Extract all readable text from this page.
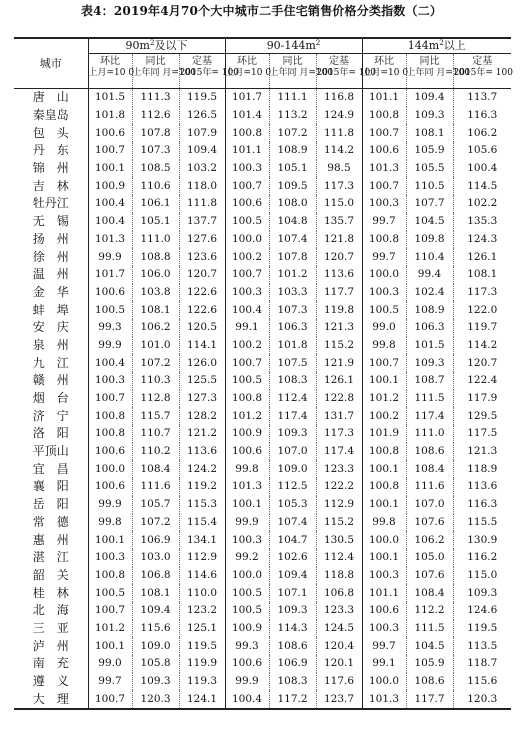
表4：2019年4月70个大中城市二手住宅销售价格分类指数（二）
城市	$90m^2$及以下			$90-144m^2$			$144m^2$以上		
	环比	同比	定基	环比	同比	定基	环比	同比	定基
	上月=10 0	上年同 月=100	2015年= 100	上月=10 0	上年同 月=100	2015年= 100	上月=10 0	上年同 月=100	2015年= 100
唐　山	101.5	111.3	119.5	101.7	111.1	116.8	101.1	109.4	113.7
秦皇岛	101.8	112.6	126.5	101.4	113.2	124.9	100.8	109.3	116.3
包　头	100.6	107.8	107.9	100.8	107.2	111.8	100.7	108.1	106.2
丹　东	100.7	107.3	109.4	101.1	108.9	114.2	100.6	105.9	105.6
锦　州	100.1	108.5	103.2	100.3	105.1	98.5	101.3	105.5	100.4
吉　林	100.9	110.6	118.0	100.7	109.5	117.3	100.7	110.5	114.5
牡丹江	100.4	106.1	111.8	100.6	108.0	115.0	100.3	107.7	102.2
无　锡	100.4	105.1	137.7	100.5	104.8	135.7	99.7	104.5	135.3
扬　州	101.3	111.0	127.6	100.0	107.4	121.8	100.8	109.8	124.3
徐　州	99.9	108.8	123.6	100.2	107.8	120.7	99.7	110.4	126.1
温　州	101.7	106.0	120.7	100.7	101.2	113.6	100.0	99.4	108.1
金　华	100.6	103.8	122.6	100.3	103.3	117.7	100.3	102.4	117.3
蚌　埠	100.5	108.1	122.6	100.4	107.3	119.8	100.5	108.9	122.0
安　庆	99.3	106.2	120.5	99.1	106.3	121.3	99.0	106.3	119.7
泉　州	99.9	101.0	114.1	100.2	101.8	115.2	99.8	101.5	114.2
九　江	100.4	107.2	126.0	100.7	107.5	121.9	100.7	109.3	120.7
赣　州	100.3	110.3	125.5	100.5	108.3	126.1	100.1	108.7	122.4
烟　台	100.7	112.8	127.3	100.8	112.4	122.8	101.2	111.5	117.9
济　宁	100.8	115.7	128.2	101.2	117.4	131.7	100.2	117.4	129.5
洛　阳	100.8	110.7	121.2	100.9	109.3	117.3	101.9	111.0	117.5
平顶山	100.6	110.2	113.6	100.6	107.0	117.4	100.8	108.6	121.3
宜　昌	100.0	108.4	124.2	99.8	109.0	123.3	100.1	108.4	118.9
襄　阳	100.6	111.6	119.2	101.3	112.5	122.2	100.8	111.6	113.6
岳　阳	99.9	105.7	115.3	100.1	105.3	112.9	100.1	107.0	116.3
常　德	99.8	107.2	115.4	99.9	107.4	115.2	99.8	107.6	115.5
惠　州	100.1	106.9	134.1	100.3	104.7	130.5	100.0	106.2	130.9
湛　江	100.3	103.0	112.9	99.2	102.6	112.4	100.1	105.0	116.2
韶　关	100.8	106.8	114.6	100.0	109.4	118.8	100.3	107.6	115.0
桂　林	100.5	108.1	110.0	100.5	107.1	106.8	101.1	108.4	109.3
北　海	100.7	109.4	123.2	100.5	109.3	123.3	100.6	112.2	124.6
三　亚	101.2	115.6	125.1	100.9	114.3	124.5	100.3	111.5	119.5
泸　州	100.1	109.0	119.5	99.3	108.6	120.4	99.7	104.5	113.5
南　充	99.0	105.8	119.9	100.6	106.9	120.1	99.1	105.9	118.7
遵　义	99.7	109.3	119.3	99.9	108.3	117.6	100.0	108.6	115.6
大　理	100.7	120.3	124.1	100.4	117.2	123.7	101.3	117.7	120.3
